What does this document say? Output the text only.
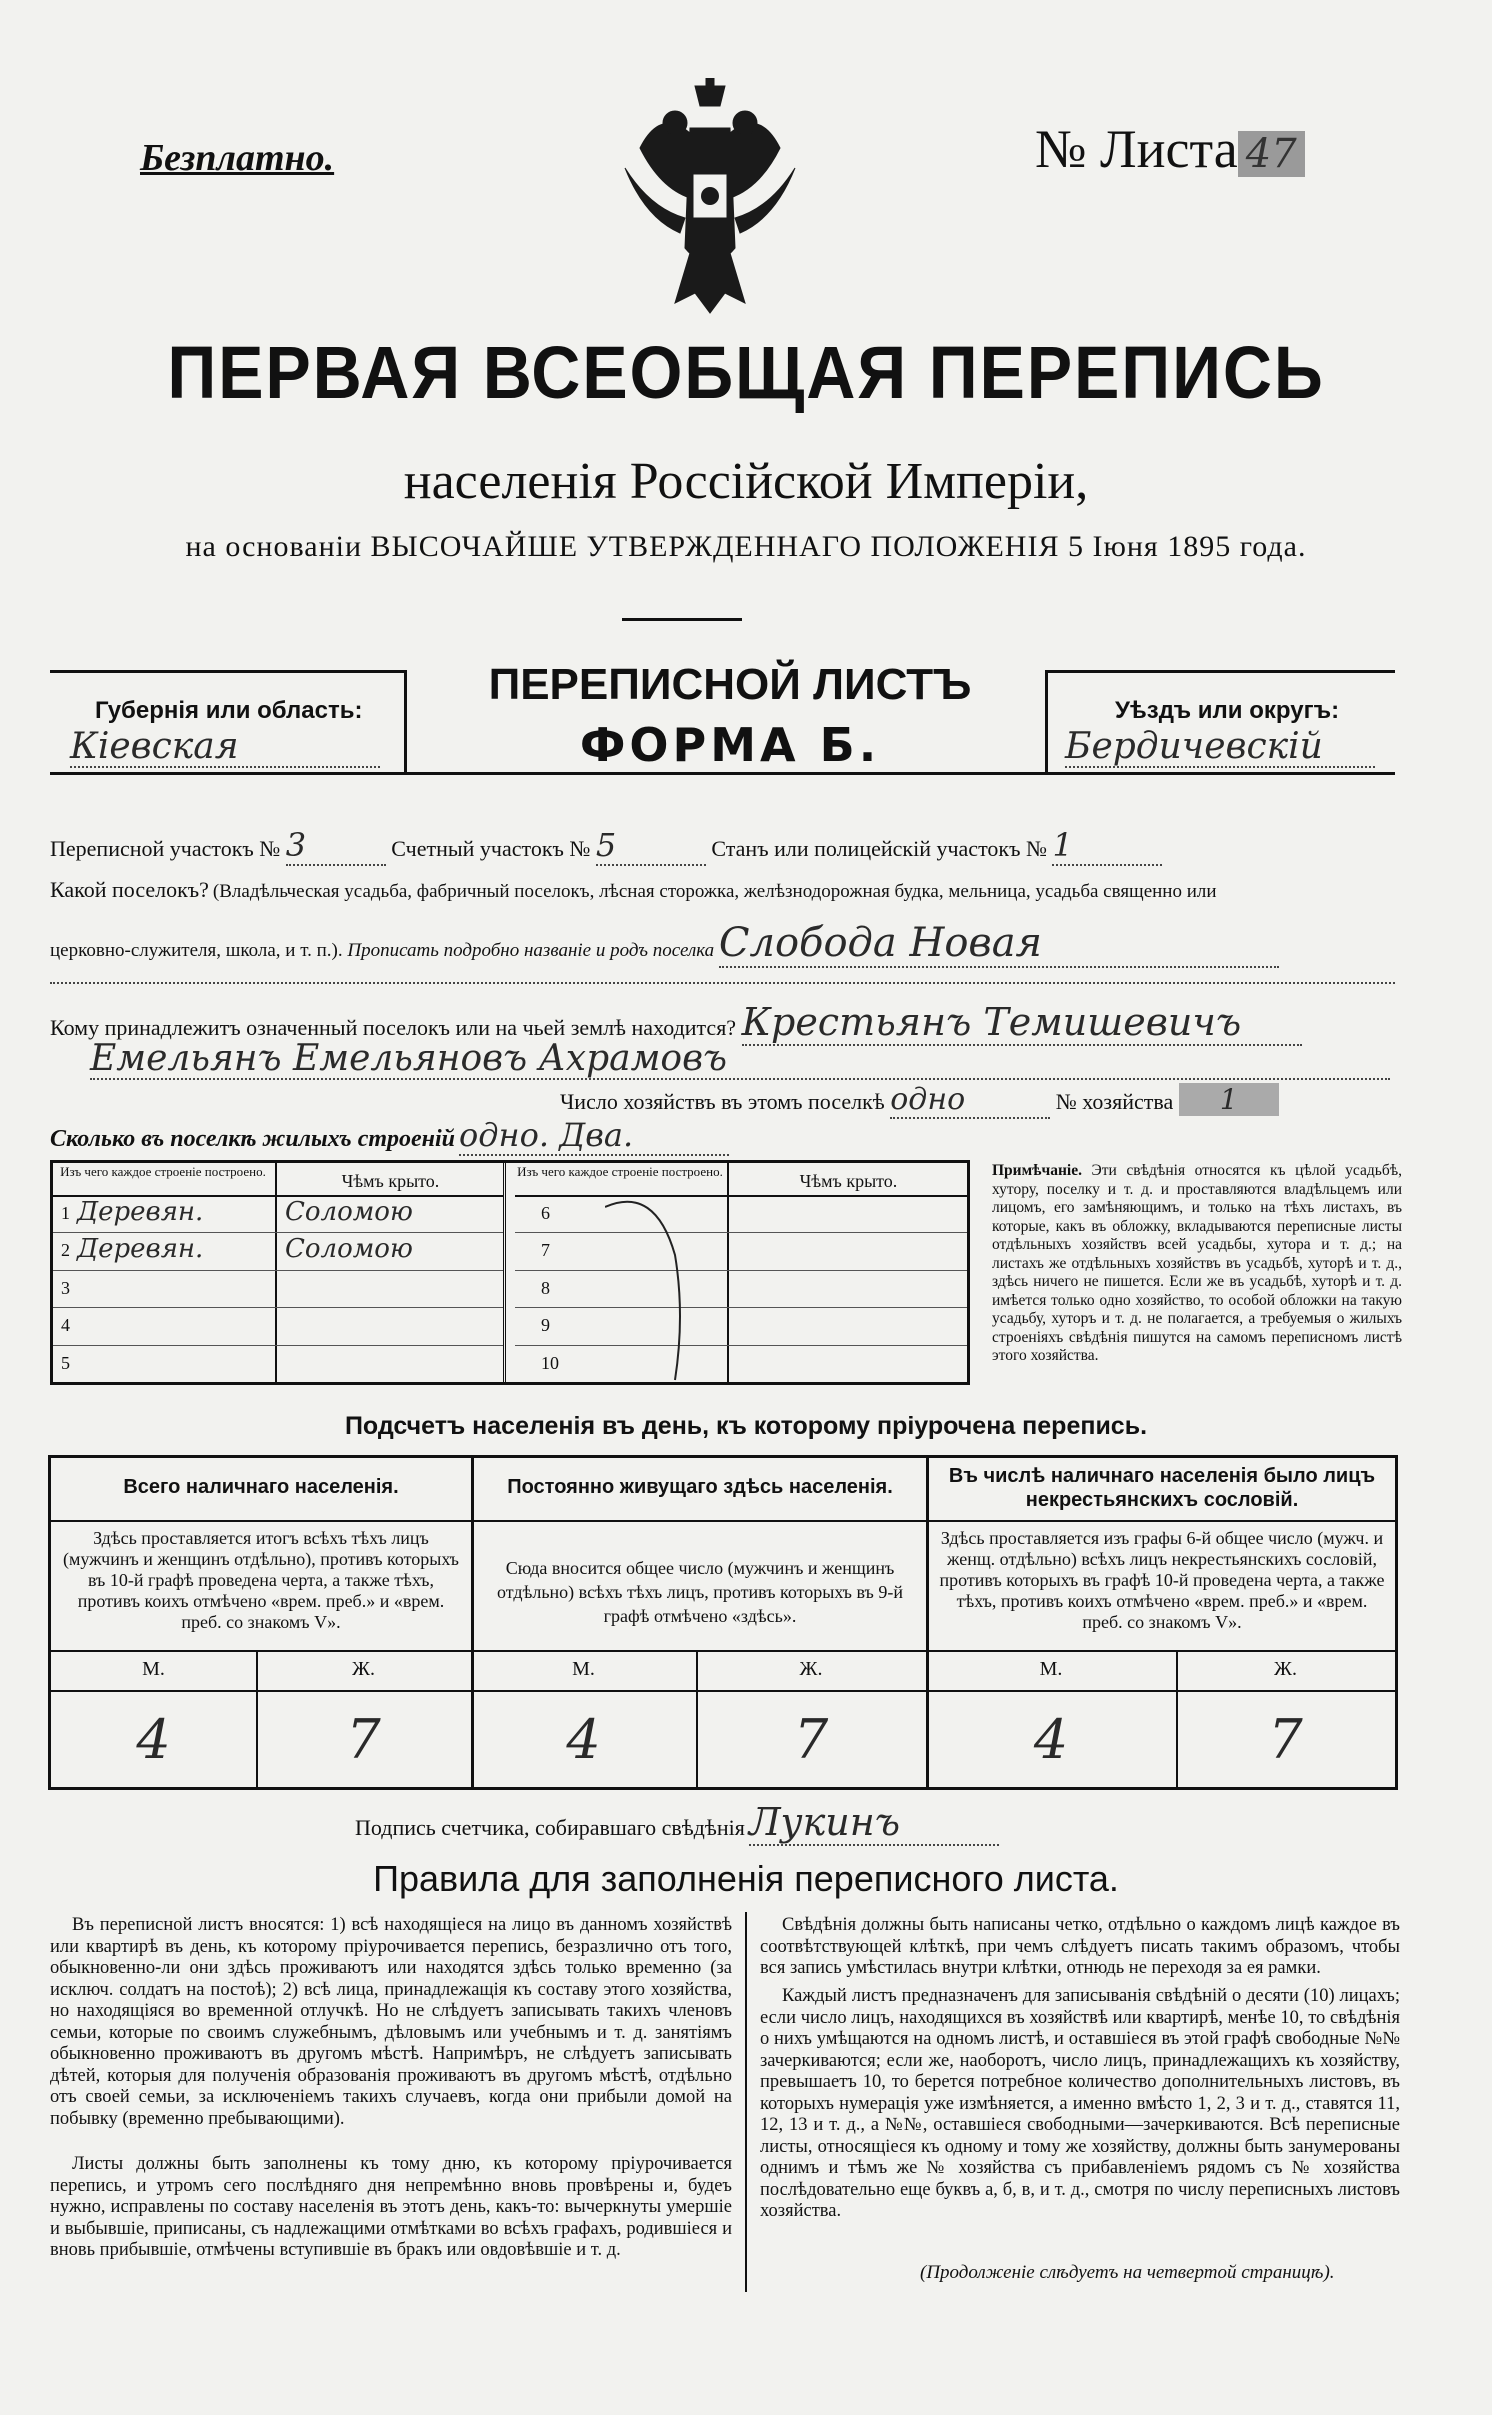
Безплатно.	№ Листа 47
ПЕРВАЯ ВСЕОБЩАЯ ПЕРЕПИСЬ
населенія Россійской Имперіи,
на основаніи ВЫСОЧАЙШЕ УТВЕРЖДЕННАГО ПОЛОЖЕНІЯ 5 Іюня 1895 года.
Губернія или область:
Кіевская
ПЕРЕПИСНОЙ ЛИСТЪ
ФОРМА Б.
Уѣздъ или округъ:
Бердичевскій
Переписной участокъ № 3	Счетный участокъ № 5	Станъ или полицейскій участокъ № 1
Какой поселокъ? (Владѣльческая усадьба, фабричный поселокъ, лѣсная сторожка, желѣзнодорожная будка, мельница, усадьба священно или
церковно-служителя, школа, и т. п.). Прописать подробно названіе и родъ поселка Слобода Новая
Кому принадлежитъ означенный поселокъ или на чьей землѣ находится? Крестьянъ Темишевичъ
Емельянъ Емельяновъ Ахрамовъ
Число хозяйствъ въ этомъ поселкѣ одно	№ хозяйства 1
Сколько въ поселкѣ жилыхъ строеній одно. Два.
Изъ чего каждое строеніе построено.	Чѣмъ крыто.
1 Деревян.	Соломою
2 Деревян.	Соломою
3
4
5
Изъ чего каждое строеніе построено.	Чѣмъ крыто.
6
7
8
9
10
Примѣчаніе. Эти свѣдѣнія относятся къ цѣлой усадьбѣ, хутору, поселку и т. д. и проставляются владѣльцемъ или лицомъ, его замѣняющимъ, и только на тѣхъ листахъ, въ которые, какъ въ обложку, вкладываются переписные листы отдѣльныхъ хозяйствъ всей усадьбы, хутора и т. д.; на листахъ же отдѣльныхъ хозяйствъ въ усадьбѣ, хуторѣ и т. д., здѣсь ничего не пишется. Если же въ усадьбѣ, хуторѣ и т. д. имѣется только одно хозяйство, то особой обложки на такую усадьбу, хуторъ и т. д. не полагается, а требуемыя о жилыхъ строеніяхъ свѣдѣнія пишутся на самомъ переписномъ листѣ этого хозяйства.
Подсчетъ населенія въ день, къ которому пріурочена перепись.
Всего наличнаго населенія.	Постоянно живущаго здѣсь населенія.	Въ числѣ наличнаго населенія было лицъ некрестьянскихъ сословій.
Здѣсь проставляется итогъ всѣхъ тѣхъ лицъ (мужчинъ и женщинъ отдѣльно), противъ которыхъ въ 10-й графѣ проведена черта, а также тѣхъ, противъ коихъ отмѣчено «врем. преб.» и «врем. преб. со знакомъ V».
Сюда вносится общее число (мужчинъ и женщинъ отдѣльно) всѣхъ тѣхъ лицъ, противъ которыхъ въ 9-й графѣ отмѣчено «здѣсь».
Здѣсь проставляется изъ графы 6-й общее число (мужч. и женщ. отдѣльно) всѣхъ лицъ некрестьянскихъ сословій, противъ которыхъ въ графѣ 10-й проведена черта, а также тѣхъ, противъ коихъ отмѣчено «врем. преб.» и «врем. преб. со знакомъ V».
М.	Ж.	М.	Ж.	М.	Ж.
4	7	4	7	4	7
Подпись счетчика, собиравшаго свѣдѣнія Лукинъ
Правила для заполненія переписного листа.
Въ переписной листъ вносятся: 1) всѣ находящіеся на лицо въ данномъ хозяйствѣ или квартирѣ въ день, къ которому пріурочивается перепись, безразлично отъ того, обыкновенно-ли они здѣсь проживаютъ или находятся здѣсь только временно (за исключ. солдатъ на постоѣ); 2) всѣ лица, принадлежащія къ составу этого хозяйства, но находящіяся во временной отлучкѣ. Но не слѣдуетъ записывать такихъ членовъ семьи, которые по своимъ служебнымъ, дѣловымъ или учебнымъ и т. д. занятіямъ обыкновенно проживаютъ въ другомъ мѣстѣ. Напримѣръ, не слѣдуетъ записывать дѣтей, которыя для полученія образованія проживаютъ въ другомъ мѣстѣ, отдѣльно отъ своей семьи, за исключеніемъ такихъ случаевъ, когда они прибыли домой на побывку (временно пребывающими).
Листы должны быть заполнены къ тому дню, къ которому пріурочивается перепись, и утромъ сего послѣдняго дня непремѣнно вновь провѣрены и, будеъ нужно, исправлены по составу населенія въ этотъ день, какъ-то: вычеркнуты умершіе и выбывшіе, приписаны, съ надлежащими отмѣтками во всѣхъ графахъ, родившіеся и вновь прибывшіе, отмѣчены вступившіе въ бракъ или овдовѣвшіе и т. д.
Свѣдѣнія должны быть написаны четко, отдѣльно о каждомъ лицѣ каждое въ соотвѣтствующей клѣткѣ, при чемъ слѣдуетъ писать такимъ образомъ, чтобы вся запись умѣстилась внутри клѣтки, отнюдь не переходя за ея рамки.
Каждый листъ предназначенъ для записыванія свѣдѣній о десяти (10) лицахъ; если число лицъ, находящихся въ хозяйствѣ или квартирѣ, менѣе 10, то свѣдѣнія о нихъ умѣщаются на одномъ листѣ, и оставшіеся въ этой графѣ свободные №№ зачеркиваются; если же, наоборотъ, число лицъ, принадлежащихъ къ хозяйству, превышаетъ 10, то берется потребное количество дополнительныхъ листовъ, въ которыхъ нумерація уже измѣняется, а именно вмѣсто 1, 2, 3 и т. д., ставятся 11, 12, 13 и т. д., а №№, оставшіеся свободными—зачеркиваются. Всѣ переписные листы, относящіеся къ одному и тому же хозяйству, должны быть занумерованы однимъ и тѣмъ же № хозяйства съ прибавленіемъ рядомъ съ № хозяйства послѣдовательно еще буквъ а, б, в, и т. д., смотря по числу переписныхъ листовъ хозяйства.
(Продолженіе слѣдуетъ на четвертой страницѣ).
